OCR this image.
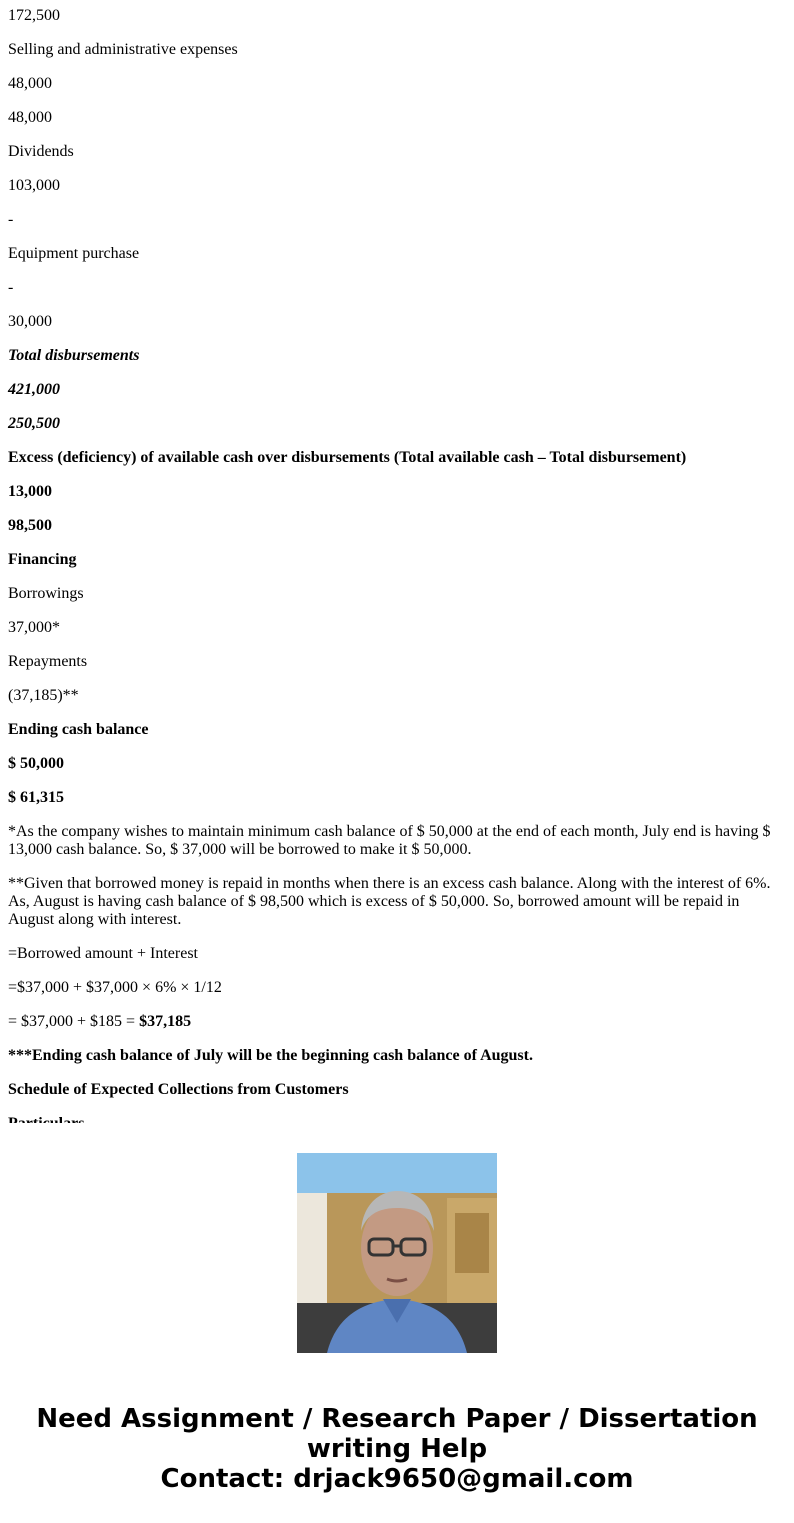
172,500
Selling and administrative expenses
48,000
48,000
Dividends
103,000
-
Equipment purchase
-
30,000
Total disbursements
421,000
250,500
Excess (deficiency) of available cash over disbursements (Total available cash – Total disbursement)
13,000
98,500
Financing
Borrowings
37,000*
Repayments
(37,185)**
Ending cash balance
$ 50,000
$ 61,315
*As the company wishes to maintain minimum cash balance of $ 50,000 at the end of each month, July end is having $ 13,000 cash balance. So, $ 37,000 will be borrowed to make it $ 50,000.
**Given that borrowed money is repaid in months when there is an excess cash balance. Along with the interest of 6%. As, August is having cash balance of $ 98,500 which is excess of $ 50,000. So, borrowed amount will be repaid in August along with interest.
=Borrowed amount + Interest
=$37,000 + $37,000 × 6% × 1/12
= $37,000 + $185 = $37,185
***Ending cash balance of July will be the beginning cash balance of August.
Schedule of Expected Collections from Customers
Need Assignment / Research Paper / Dissertation
writing Help
Contact: drjack9650@gmail.com
